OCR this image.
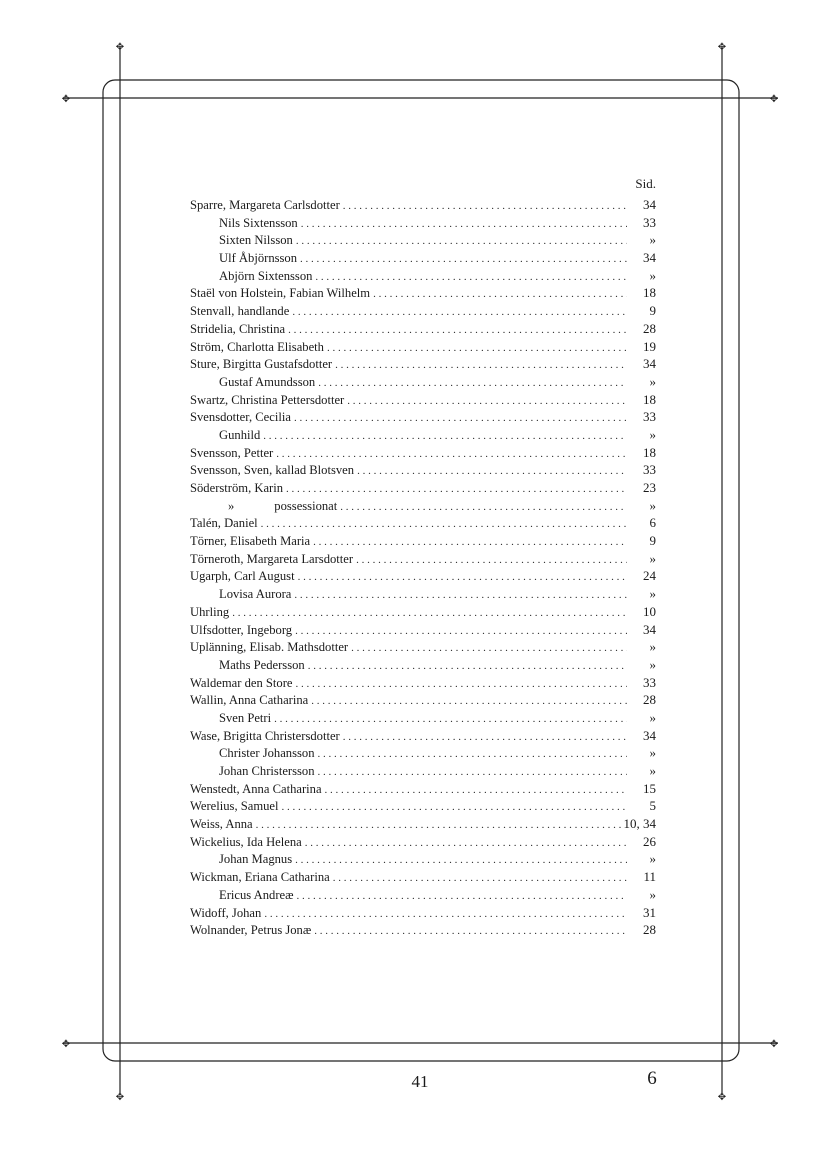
✥	✥
✥	✥
✥	✥
✥	✥
Sid.
Sparre, Margareta Carlsdotter . . .	34
Nils Sixtensson . . .	33
Sixten Nilsson . . .	»
Ulf Åbjörnsson . . .	34
Abjörn Sixtensson . . .	»
Staël von Holstein, Fabian Wilhelm . . .	18
Stenvall, handlande . . .	9
Stridelia, Christina . . .	28
Ström, Charlotta Elisabeth . . .	19
Sture, Birgitta Gustafsdotter . . .	34
Gustaf Amundsson . . .	»
Swartz, Christina Pettersdotter . . .	18
Svensdotter, Cecilia . . .	33
Gunhild . . .	»
Svensson, Petter . . .	18
Svensson, Sven, kallad Blotsven . . .	33
Söderström, Karin . . .	23
»	possessionat . . .	»
Talén, Daniel . . .	6
Törner, Elisabeth Maria . . .	9
Törneroth, Margareta Larsdotter . . .	»
Ugarph, Carl August . . .	24
Lovisa Aurora . . .	»
Uhrling . . .	10
Ulfsdotter, Ingeborg . . .	34
Uplänning, Elisab. Mathsdotter . . .	»
Maths Pedersson . . .	»
Waldemar den Store . . .	33
Wallin, Anna Catharina . . .	28
Sven Petri . . .	»
Wase, Brigitta Christersdotter . . .	34
Christer Johansson . . .	»
Johan Christersson . . .	»
Wenstedt, Anna Catharina . . .	15
Werelius, Samuel . . .	5
Weiss, Anna . . .	10, 34
Wickelius, Ida Helena . . .	26
Johan Magnus . . .	»
Wickman, Eriana Catharina . . .	11
Ericus Andreæ . . .	»
Widoff, Johan . . .	31
Wolnander, Petrus Jonæ . . .	28
41	6
